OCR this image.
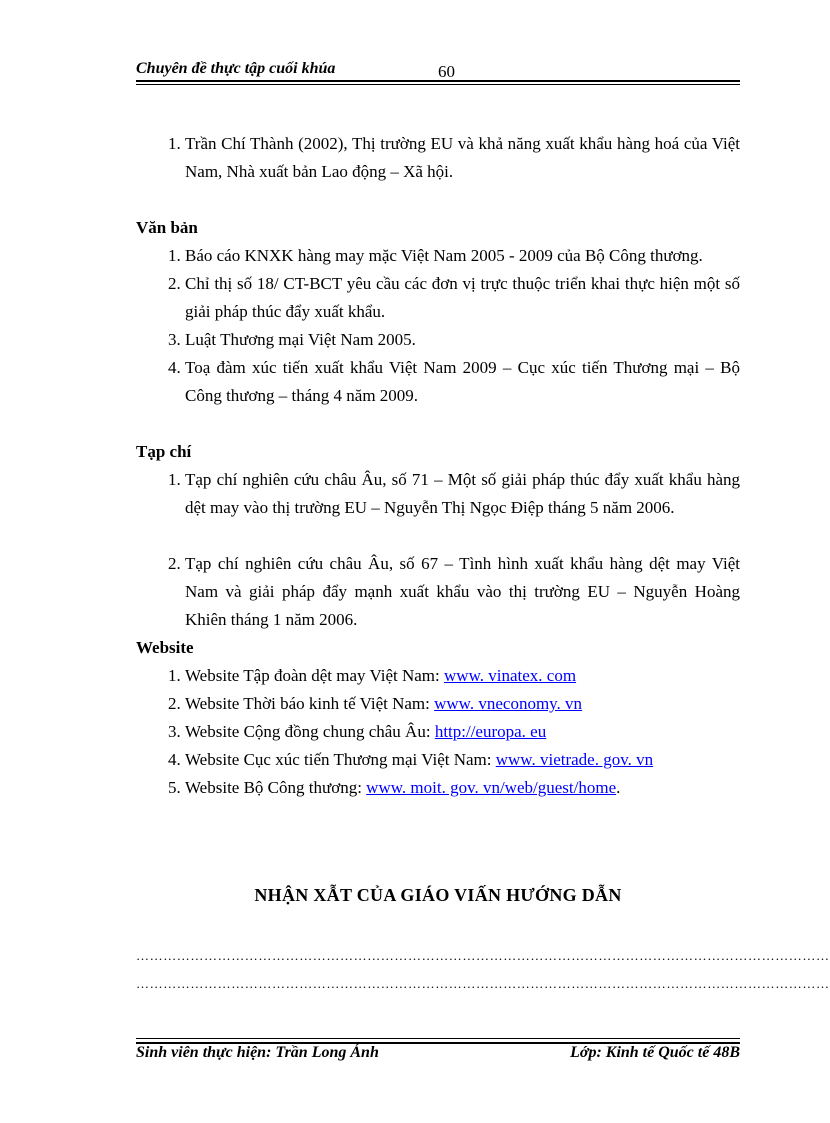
Chuyên đề thực tập cuối khúa	60
1. Trần Chí Thành (2002), Thị trường EU và khả năng xuất khẩu hàng hoá của Việt Nam, Nhà xuất bản Lao động – Xã hội.

Văn bản

1. Báo cáo KNXK hàng may mặc Việt Nam 2005 - 2009 của Bộ Công thương.
2. Chỉ thị số 18/ CT-BCT yêu cầu các đơn vị trực thuộc triển khai thực hiện một số giải pháp thúc đẩy xuất khẩu.
3. Luật Thương mại Việt Nam 2005.
4. Toạ đàm xúc tiến xuất khẩu Việt Nam 2009 – Cục xúc tiến Thương mại – Bộ Công thương – tháng 4 năm 2009.

Tạp chí

1. Tạp chí nghiên cứu châu Âu, số 71 – Một số giải pháp thúc đẩy xuất khẩu hàng dệt may vào thị trường EU – Nguyễn Thị Ngọc Điệp tháng 5 năm 2006.
2. Tạp chí nghiên cứu châu Âu, số 67 – Tình hình xuất khẩu hàng dệt may Việt Nam và giải pháp đẩy mạnh xuất khẩu vào thị trường EU – Nguyễn Hoàng Khiên tháng 1 năm 2006.

Website

1. Website Tập đoàn dệt may Việt Nam: www. vinatex. com
2. Website Thời báo kinh tế Việt Nam: www. vneconomy. vn
3. Website Cộng đồng chung châu Âu: http://europa. eu
4. Website Cục xúc tiến Thương mại Việt Nam: www. vietrade. gov. vn
5. Website Bộ Công thương: www. moit. gov. vn/web/guest/home.
NHẬN XẪT CỦA GIÁO VIẤN HƯỚNG DẪN
………………………………………………………………………………………………………………………………………
………………………………………………………………………………………………………………………………………
Sinh viên thực hiện: Trần Long Ánh	Lớp: Kinh tế Quốc tế 48B
